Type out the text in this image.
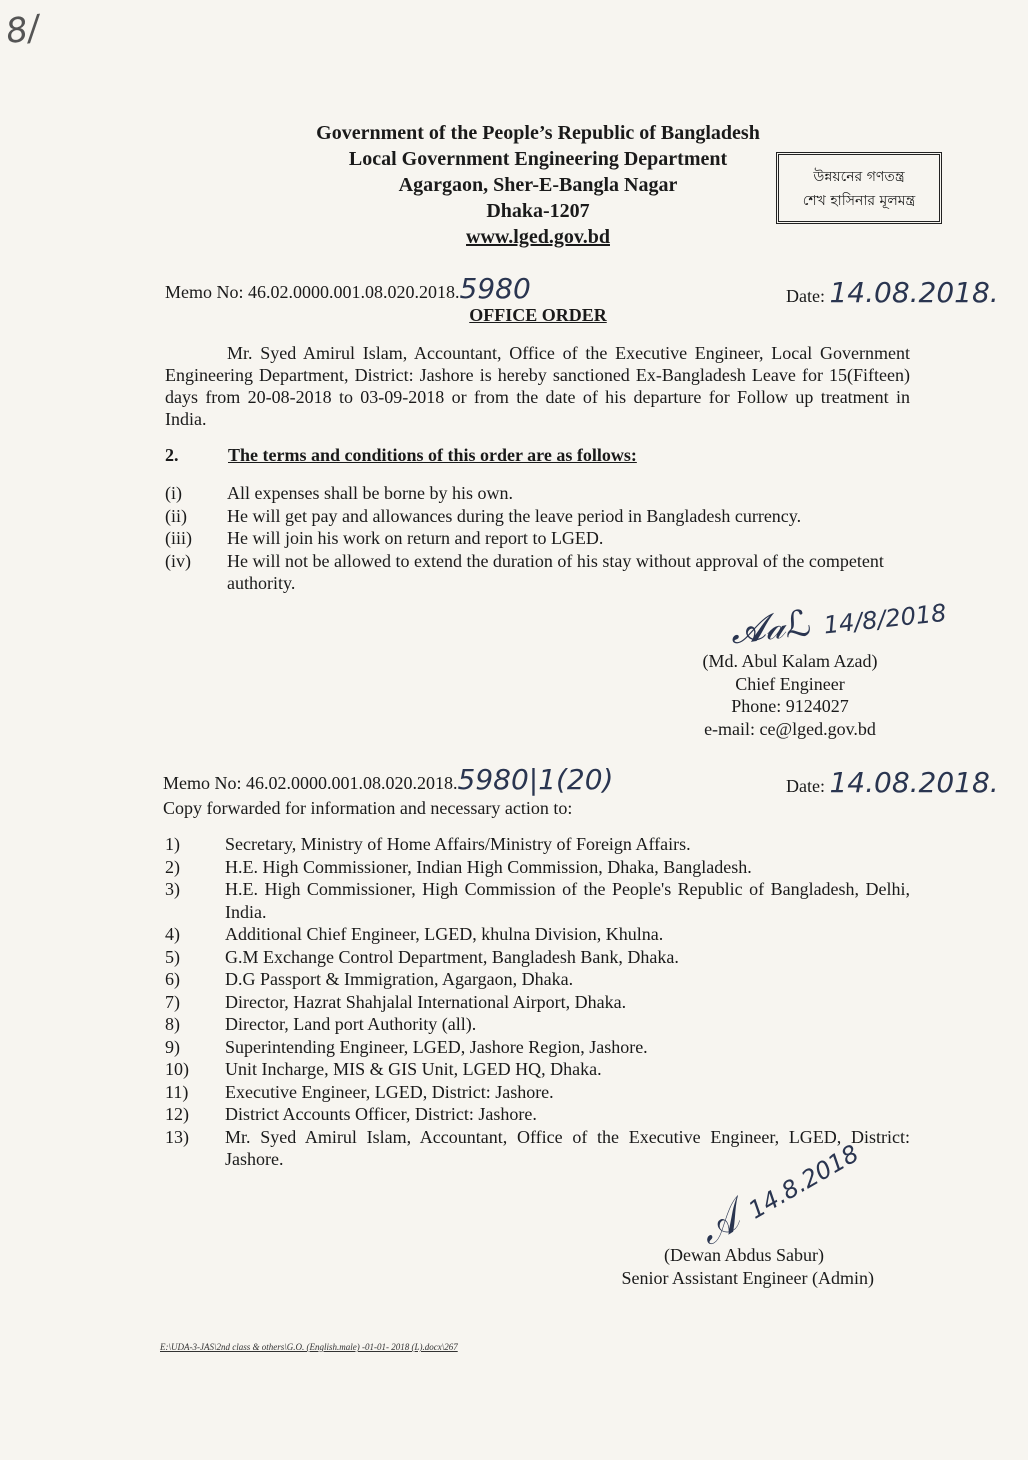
8/
Government of the People’s Republic of Bangladesh
Local Government Engineering Department
Agargaon, Sher-E-Bangla Nagar
Dhaka-1207
www.lged.gov.bd
উন্নয়নের গণতন্ত্র
শেখ হাসিনার মূলমন্ত্র
Memo No: 46.02.0000.001.08.020.2018.5980	Date: 14.08.2018.
OFFICE ORDER
Mr. Syed Amirul Islam, Accountant, Office of the Executive Engineer, Local Government Engineering Department, District: Jashore is hereby sanctioned Ex-Bangladesh Leave for 15(Fifteen) days from 20-08-2018 to 03-09-2018 or from the date of his departure for Follow up treatment in India.
2.	The terms and conditions of this order are as follows:
(i)	All expenses shall be borne by his own.
(ii)	He will get pay and allowances during the leave period in Bangladesh currency.
(iii)	He will join his work on return and report to LGED.
(iv)	He will not be allowed to extend the duration of his stay without approval of the competent authority.
𝓐𝒶ℒ 14/8/2018
(Md. Abul Kalam Azad)
Chief Engineer
Phone: 9124027
e-mail: ce@lged.gov.bd
Memo No: 46.02.0000.001.08.020.2018.5980|1(20)	Date: 14.08.2018.
Copy forwarded for information and necessary action to:
1)	Secretary, Ministry of Home Affairs/Ministry of Foreign Affairs.
2)	H.E. High Commissioner, Indian High Commission, Dhaka, Bangladesh.
3)	H.E. High Commissioner, High Commission of the People's Republic of Bangladesh, Delhi, India.
4)	Additional Chief Engineer, LGED, khulna Division, Khulna.
5)	G.M Exchange Control Department, Bangladesh Bank, Dhaka.
6)	D.G Passport & Immigration, Agargaon, Dhaka.
7)	Director, Hazrat Shahjalal International Airport, Dhaka.
8)	Director, Land port Authority (all).
9)	Superintending Engineer, LGED, Jashore Region, Jashore.
10)	Unit Incharge, MIS & GIS Unit, LGED HQ, Dhaka.
11)	Executive Engineer, LGED, District: Jashore.
12)	District Accounts Officer, District: Jashore.
13)	Mr. Syed Amirul Islam, Accountant, Office of the Executive Engineer, LGED, District: Jashore.
𝒜 14.8.2018
(Dewan Abdus Sabur)
Senior Assistant Engineer (Admin)
E:\UDA-3-JAS\2nd class & others\G.O. (English.male) -01-01- 2018 (L).docx\267
